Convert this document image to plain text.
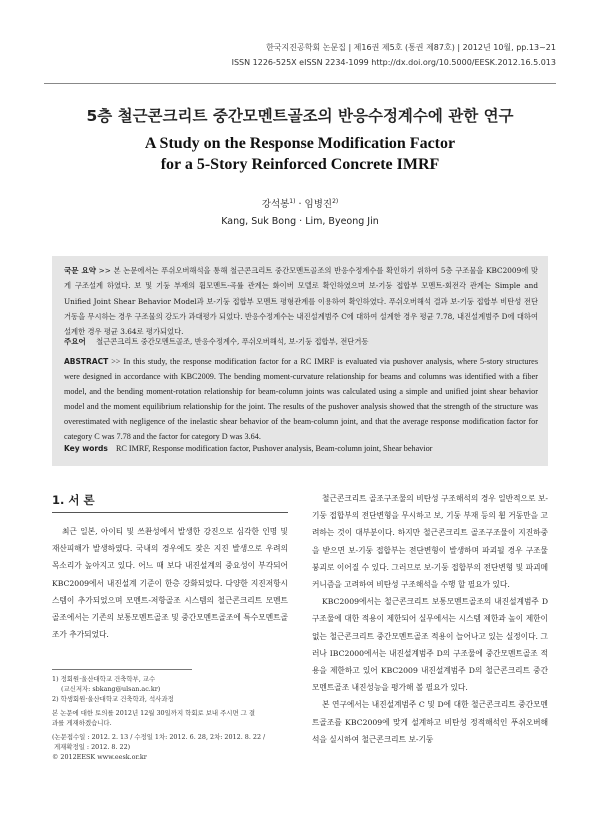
한국지진공학회 논문집 | 제16권 제5호 (통권 제87호) | 2012년 10월, pp.13~21
ISSN 1226-525X eISSN 2234-1099 http://dx.doi.org/10.5000/EESK.2012.16.5.013
5층 철근콘크리트 중간모멘트골조의 반응수정계수에 관한 연구
A Study on the Response Modification Factor
for a 5-Story Reinforced Concrete IMRF
강석봉$^{1)}$ · 임병진$^{2)}$
Kang, Suk Bong · Lim, Byeong Jin
국문 요약 >> 본 논문에서는 푸쉬오버해석을 통해 철근콘크리트 중간모멘트골조의 반응수정계수를 확인하기 위하여 5층 구조물을 KBC2009에 맞게 구조설계 하였다. 보 및 기둥 부재의 휨모멘트-곡률 관계는 화이버 모델로 확인하였으며 보-기둥 접합부 모멘트-회전각 관계는 Simple and Unified Joint Shear Behavior Model과 보-기둥 접합부 모멘트 평형관계를 이용하여 확인하였다. 푸쉬오버해석 결과 보-기둥 접합부 비탄성 전단거동을 무시하는 경우 구조물의 강도가 과대평가 되었다. 반응수정계수는 내진설계범주 C에 대하여 설계한 경우 평균 7.78, 내진설계범주 D에 대하여 설계한 경우 평균 3.64로 평가되었다.
주요어 철근콘크리트 중간모멘트골조, 반응수정계수, 푸쉬오버해석, 보-기둥 접합부, 전단거동
ABSTRACT >> In this study, the response modification factor for a RC IMRF is evaluated via pushover analysis, where 5-story structures were designed in accordance with KBC2009. The bending moment-curvature relationship for beams and columns was identified with a fiber model, and the bending moment-rotation relationship for beam-column joints was calculated using a simple and unified joint shear behavior model and the moment equilibrium relationship for the joint. The results of the pushover analysis showed that the strength of the structure was overestimated with negligence of the inelastic shear behavior of the beam-column joint, and that the average response modification factor for category C was 7.78 and the factor for category D was 3.64.
Key words RC IMRF, Response modification factor, Pushover analysis, Beam-column joint, Shear behavior
1. 서 론

최근 일본, 아이티 및 쓰촨성에서 발생한 강진으로 심각한 인명 및 재산피해가 발생하였다. 국내의 경우에도 잦은 지진 발생으로 우려의 목소리가 높아지고 있다. 어느 때 보다 내진설계의 중요성이 부각되어 KBC2009에서 내진설계 기준이 한층 강화되었다. 다양한 지진저항시스템이 추가되었으며 모멘트-저항골조 시스템의 철근콘크리트 모멘트골조에서는 기존의 보통모멘트골조 및 중간모멘트골조에 특수모멘트골조가 추가되었다.

철근콘크리트 골조구조물의 비탄성 구조해석의 경우 일반적으로 보-기둥 접합부의 전단변형을 무시하고 보, 기둥 부재 등의 휨 거동만을 고려하는 것이 대부분이다. 하지만 철근콘크리트 골조구조물이 지진하중을 받으면 보-기둥 접합부는 전단변형이 발생하며 파괴될 경우 구조물 붕괴로 이어질 수 있다. 그러므로 보-기둥 접합부의 전단변형 및 파괴메커니즘을 고려하여 비탄성 구조해석을 수행 할 필요가 있다.

KBC2009에서는 철근콘크리트 보통모멘트골조의 내진설계범주 D 구조물에 대한 적용이 제한되어 실무에서는 시스템 제한과 높이 제한이 없는 철근콘크리트 중간모멘트골조 적용이 늘어나고 있는 실정이다. 그러나 IBC2000에서는 내진설계범주 D의 구조물에 중간모멘트골조 적용을 제한하고 있어 KBC2009 내진설계범주 D의 철근콘크리트 중간모멘트골조 내진성능을 평가해 볼 필요가 있다.

본 연구에서는 내진설계범주 C 및 D에 대한 철근콘크리트 중간모멘트골조를 KBC2009에 맞게 설계하고 비탄성 정적해석인 푸쉬오버해석을 실시하여 철근콘크리트 보-기둥

1) 정회원·울산대학교 건축학부, 교수
(교신저자: sbkang@ulsan.ac.kr)
2) 학생회원·울산대학교 건축학과, 석사과정
본 논문에 대한 토의를 2012년 12월 30일까지 학회로 보내 주시면 그 결
과를 게재하겠습니다.
(논문접수일 : 2012. 2. 13 / 수정일 1차: 2012. 6. 28, 2차: 2012. 8. 22 /
게재확정일 : 2012. 8. 22)
© 2012EESK www.eesk.or.kr
